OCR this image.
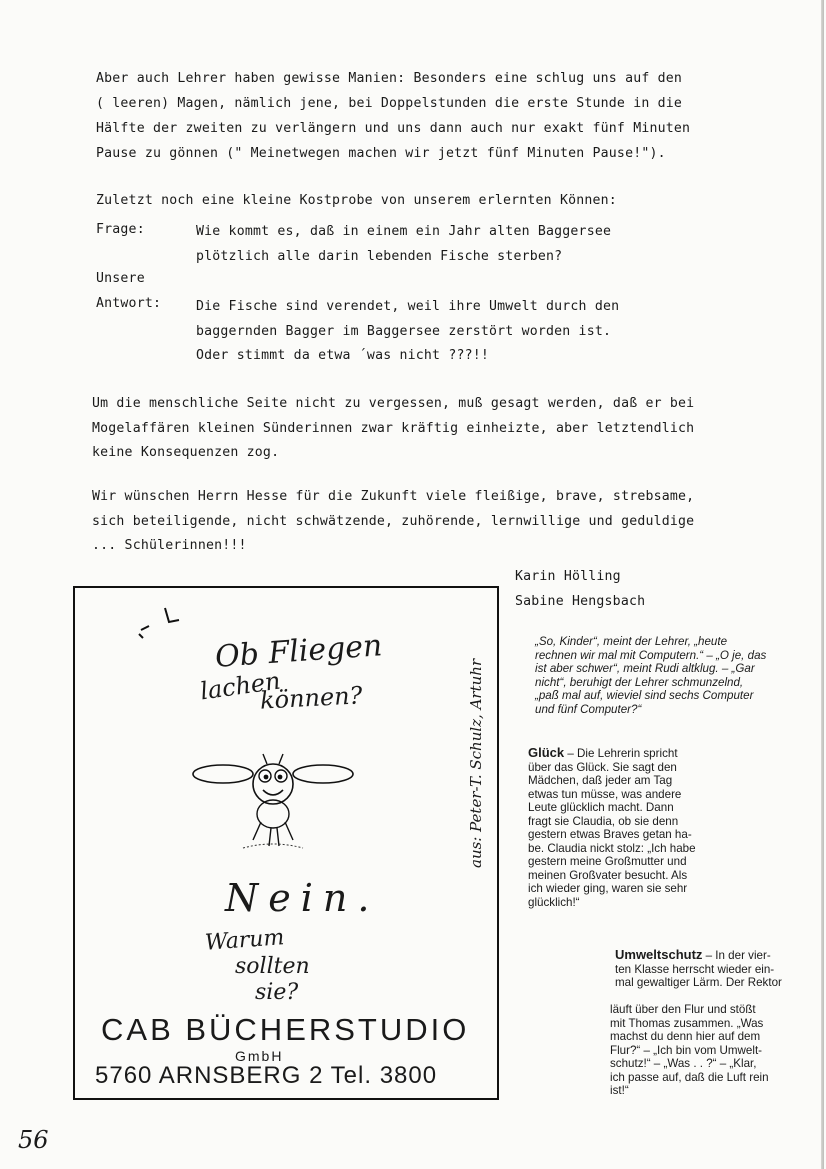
Aber auch Lehrer haben gewisse Manien: Besonders eine schlug uns auf den
( leeren) Magen, nämlich jene, bei Doppelstunden die erste Stunde in die
Hälfte der zweiten zu verlängern und uns dann auch nur exakt fünf Minuten
Pause zu gönnen (" Meinetwegen machen wir jetzt fünf Minuten Pause!").
Zuletzt noch eine kleine Kostprobe von unserem erlernten Können:
Frage:	Wie kommt es, daß in einem ein Jahr alten Baggersee
plötzlich alle darin lebenden Fische sterben?
Unsere
Antwort:	Die Fische sind verendet, weil ihre Umwelt durch den
baggernden Bagger im Baggersee zerstört worden ist.
Oder stimmt da etwa ´was nicht ???!!
Um die menschliche Seite nicht zu vergessen, muß gesagt werden, daß er bei
Mogelaffären kleinen Sünderinnen zwar kräftig einheizte, aber letztendlich
keine Konsequenzen zog.
Wir wünschen Herrn Hesse für die Zukunft viele fleißige, brave, strebsame,
sich beteiligende, nicht schwätzende, zuhörende, lernwillige und geduldige
... Schülerinnen!!!
Karin Hölling
Sabine Hengsbach
Ob Fliegen
lachen
können?
Nein.
Warum
sollten
sie?
aus: Peter-T. Schulz, Artuhr
CAB BÜCHERSTUDIO
GmbH
5760 ARNSBERG 2 Tel. 3800

„So, Kinder“, meint der Lehrer, „heute

rechnen wir mal mit Computern.“ – „O je, das

ist aber schwer“, meint Rudi altklug. – „Gar

nicht“, beruhigt der Lehrer schmunzelnd,

„paß mal auf, wieviel sind sechs Computer

und fünf Computer?“

Glück – Die Lehrerin spricht

über das Glück. Sie sagt den

Mädchen, daß jeder am Tag

etwas tun müsse, was andere

Leute glücklich macht. Dann

fragt sie Claudia, ob sie denn

gestern etwas Braves getan ha-

be. Claudia nickt stolz: „Ich habe

gestern meine Großmutter und

meinen Großvater besucht. Als

ich wieder ging, waren sie sehr

glücklich!“

Umweltschutz – In der vier-

ten Klasse herrscht wieder ein-

mal gewaltiger Lärm. Der Rektor

läuft über den Flur und stößt

mit Thomas zusammen. „Was

machst du denn hier auf dem

Flur?“ – „Ich bin vom Umwelt-

schutz!“ – „Was . . ?“ – „Klar,

ich passe auf, daß die Luft rein

ist!“

56
